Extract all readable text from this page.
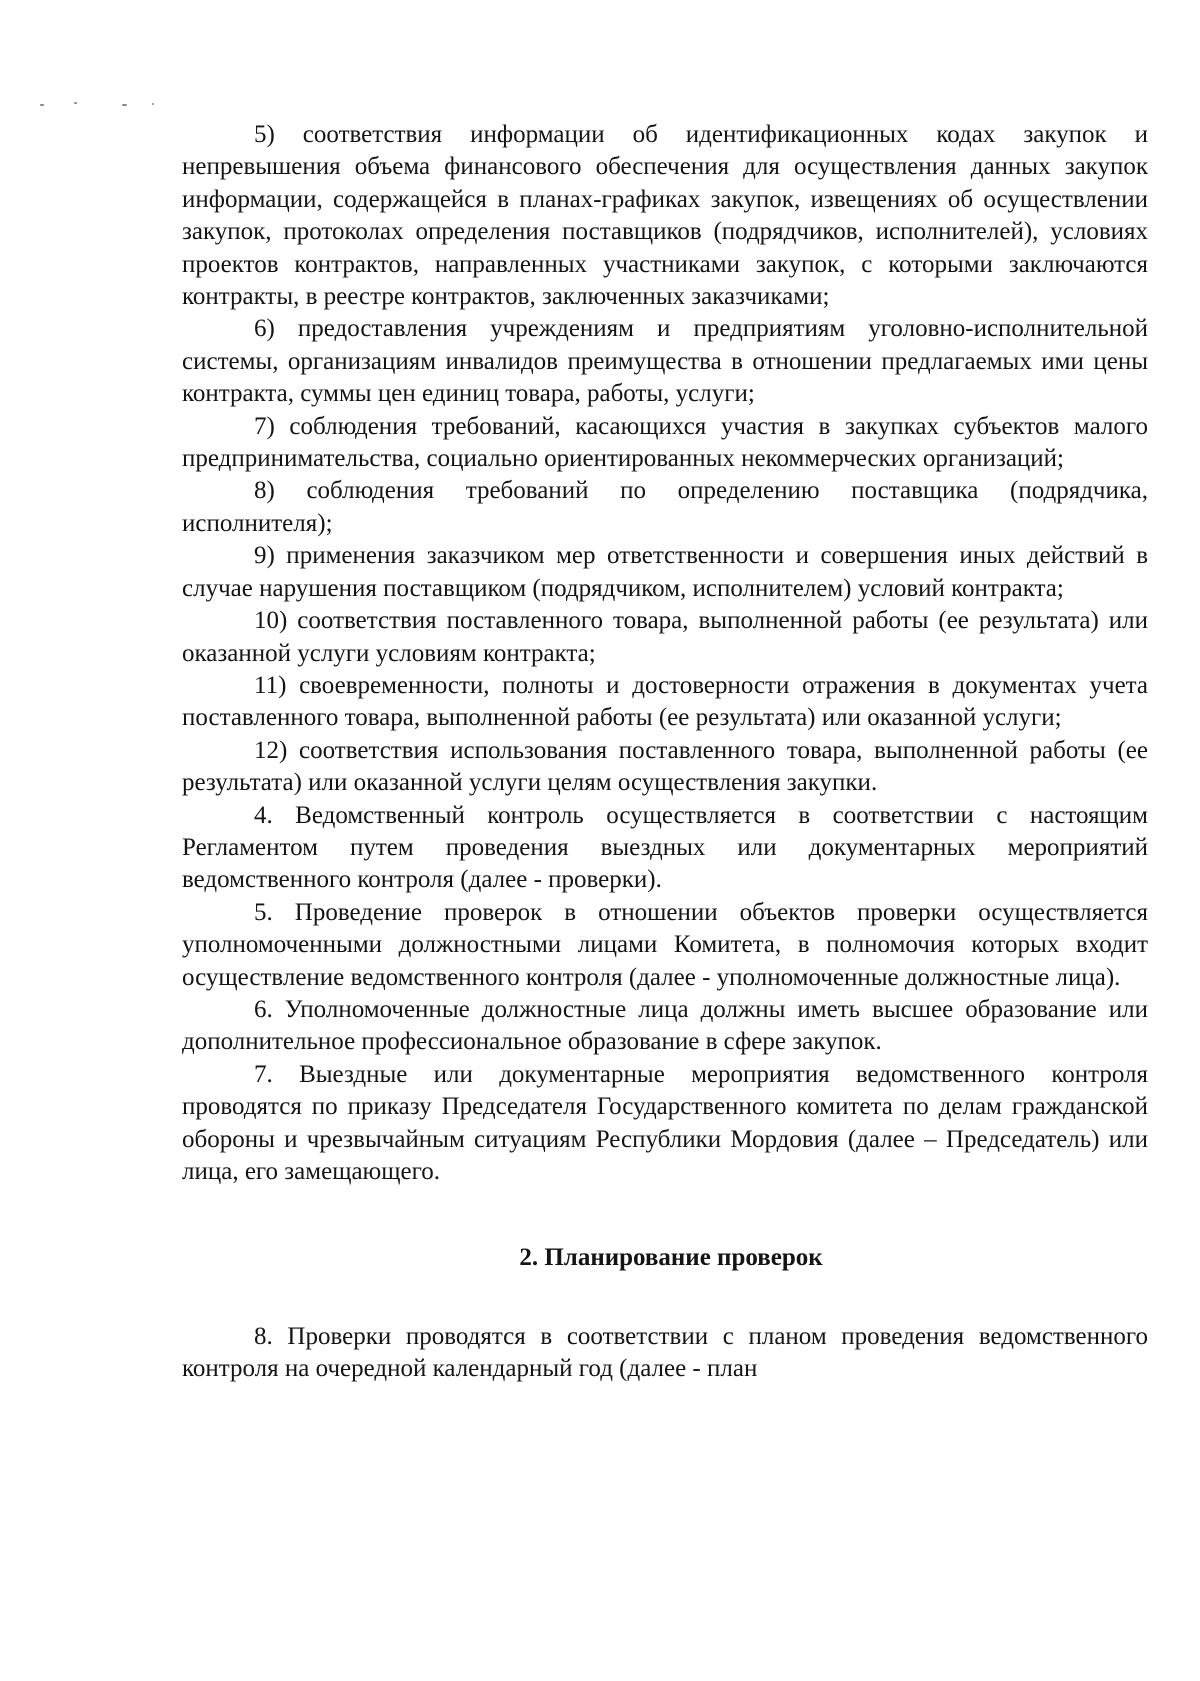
5) соответствия информации об идентификационных кодах закупок и непревышения объема финансового обеспечения для осуществления данных закупок информации, содержащейся в планах-графиках закупок, извещениях об осуществлении закупок, протоколах определения поставщиков (подрядчиков, исполнителей), условиях проектов контрактов, направленных участниками закупок, с которыми заключаются контракты, в реестре контрактов, заключенных заказчиками;

6) предоставления учреждениям и предприятиям уголовно-исполнительной системы, организациям инвалидов преимущества в отношении предлагаемых ими цены контракта, суммы цен единиц товара, работы, услуги;

7) соблюдения требований, касающихся участия в закупках субъектов малого предпринимательства, социально ориентированных некоммерческих организаций;

8) соблюдения требований по определению поставщика (подрядчика, исполнителя);

9) применения заказчиком мер ответственности и совершения иных действий в случае нарушения поставщиком (подрядчиком, исполнителем) условий контракта;

10) соответствия поставленного товара, выполненной работы (ее результата) или оказанной услуги условиям контракта;

11) своевременности, полноты и достоверности отражения в документах учета поставленного товара, выполненной работы (ее результата) или оказанной услуги;

12) соответствия использования поставленного товара, выполненной работы (ее результата) или оказанной услуги целям осуществления закупки.

4. Ведомственный контроль осуществляется в соответствии с настоящим Регламентом путем проведения выездных или документарных мероприятий ведомственного контроля (далее - проверки).

5. Проведение проверок в отношении объектов проверки осуществляется уполномоченными должностными лицами Комитета, в полномочия которых входит осуществление ведомственного контроля (далее - уполномоченные должностные лица).

6. Уполномоченные должностные лица должны иметь высшее образование или дополнительное профессиональное образование в сфере закупок.

7. Выездные или документарные мероприятия ведомственного контроля проводятся по приказу Председателя Государственного комитета по делам гражданской обороны и чрезвычайным ситуациям Республики Мордовия (далее – Председатель) или лица, его замещающего.

2. Планирование проверок

8. Проверки проводятся в соответствии с планом проведения ведомственного контроля на очередной календарный год (далее - план
